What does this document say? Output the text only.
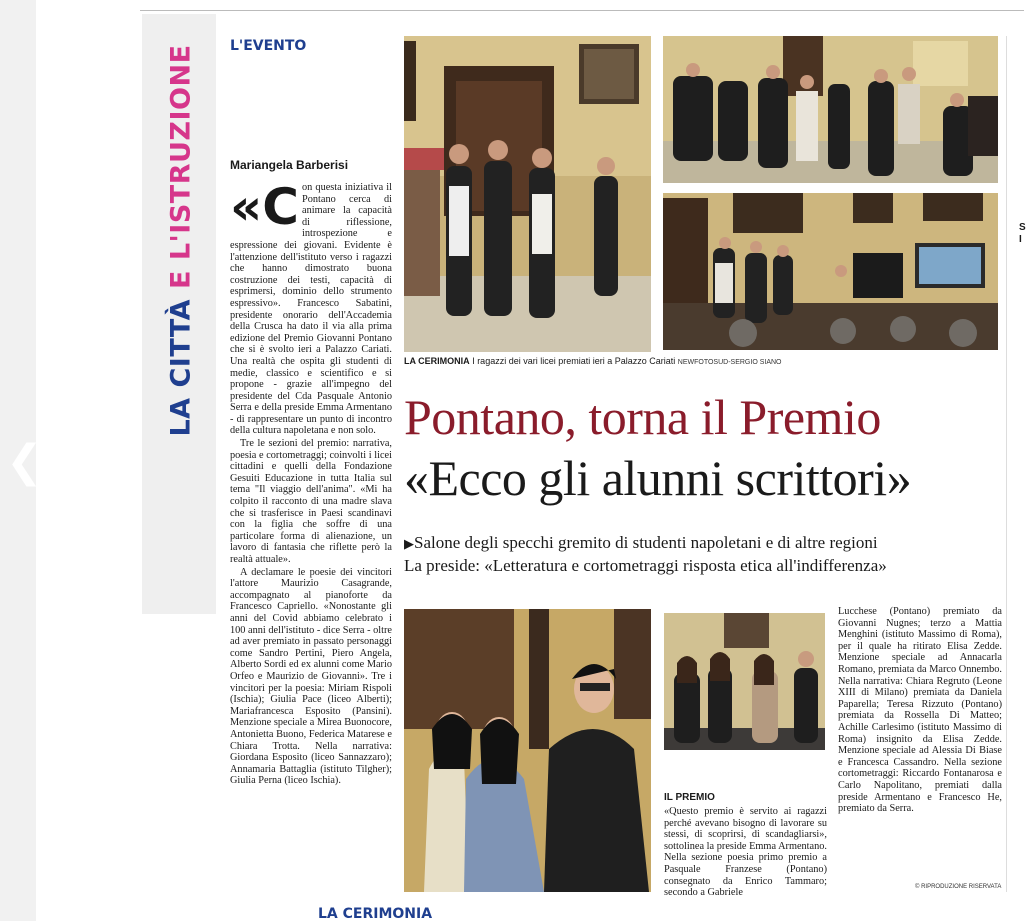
❮
LA CITTÀ E L'ISTRUZIONE L'EVENTO
Mariangela Barberisi

«Con questa iniziativa il Pontano cerca di animare la capacità di riflessione, introspezione e espressione dei giovani. Evidente è l'attenzione dell'istituto verso i ragazzi che hanno dimostrato buona costruzione dei testi, capacità di esprimersi, dominio dello strumento espressivo». Francesco Sabatini, presidente onorario dell'Accademia della Crusca ha dato il via alla prima edizione del Premio Giovanni Pontano che si è svolto ieri a Palazzo Cariati. Una realtà che ospita gli studenti di medie, classico e scientifico e si propone - grazie all'impegno del presidente del Cda Pasquale Antonio Serra e della preside Emma Armentano - di rappresentare un punto di incontro della cultura napoletana e non solo.

Tre le sezioni del premio: narrativa, poesia e cortometraggi; coinvolti i licei cittadini e quelli della Fondazione Gesuiti Educazione in tutta Italia sul tema "Il viaggio dell'anima". «Mi ha colpito il racconto di una madre slava che si trasferisce in Paesi scandinavi con la figlia che soffre di una particolare forma di alienazione, un lavoro di fantasia che riflette però la realtà attuale».

A declamare le poesie dei vincitori l'attore Maurizio Casagrande, accompagnato al pianoforte da Francesco Capriello. «Nonostante gli anni del Covid abbiamo celebrato i 100 anni dell'istituto - dice Serra - oltre ad aver premiato in passato personaggi come Sandro Pertini, Piero Angela, Alberto Sordi ed ex alunni come Mario Orfeo e Maurizio de Giovanni». Tre i vincitori per la poesia: Miriam Rispoli (Ischia); Giulia Pace (liceo Alberti); Mariafrancesca Esposito (Pansini). Menzione speciale a Mirea Buonocore, Antonietta Buono, Federica Matarese e Chiara Trotta. Nella narrativa: Giordana Esposito (liceo Sannazzaro); Annamaria Battaglia (istituto Tilgher); Giulia Perna (liceo Ischia).

LA CERIMONIA I ragazzi dei vari licei premiati ieri a Palazzo Cariati NEWFOTOSUD-SERGIO SIANO
Pontano, torna il Premio
«Ecco gli alunni scrittori»
▶Salone degli specchi gremito di studenti napoletani e di altre regioni
La preside: «Letteratura e cortometraggi risposta etica all'indifferenza»
IL PREMIO

«Questo premio è servito ai ragazzi perché avevano bisogno di lavorare su stessi, di scoprirsi, di scandagliarsi», sottolinea la preside Emma Armentano. Nella sezione poesia primo premio a Pasquale Franzese (Pontano) consegnato da Enrico Tammaro; secondo a Gabriele

Lucchese (Pontano) premiato da Giovanni Nugnes; terzo a Mattia Menghini (istituto Massimo di Roma), per il quale ha ritirato Elisa Zedde. Menzione speciale ad Annacarla Romano, premiata da Marco Onnembo. Nella narrativa: Chiara Regruto (Leone XIII di Milano) premiata da Daniela Paparella; Teresa Rizzuto (Pontano) premiata da Rossella Di Matteo; Achille Carlesimo (istituto Massimo di Roma) insignito da Elisa Zedde. Menzione speciale ad Alessia Di Biase e Francesca Cassandro. Nella sezione cortometraggi: Riccardo Fontanarosa e Carlo Napolitano, premiati dalla preside Armentano e Francesco He, premiato da Serra.

© RIPRODUZIONE RISERVATA
LA CERIMONIA
S
I
